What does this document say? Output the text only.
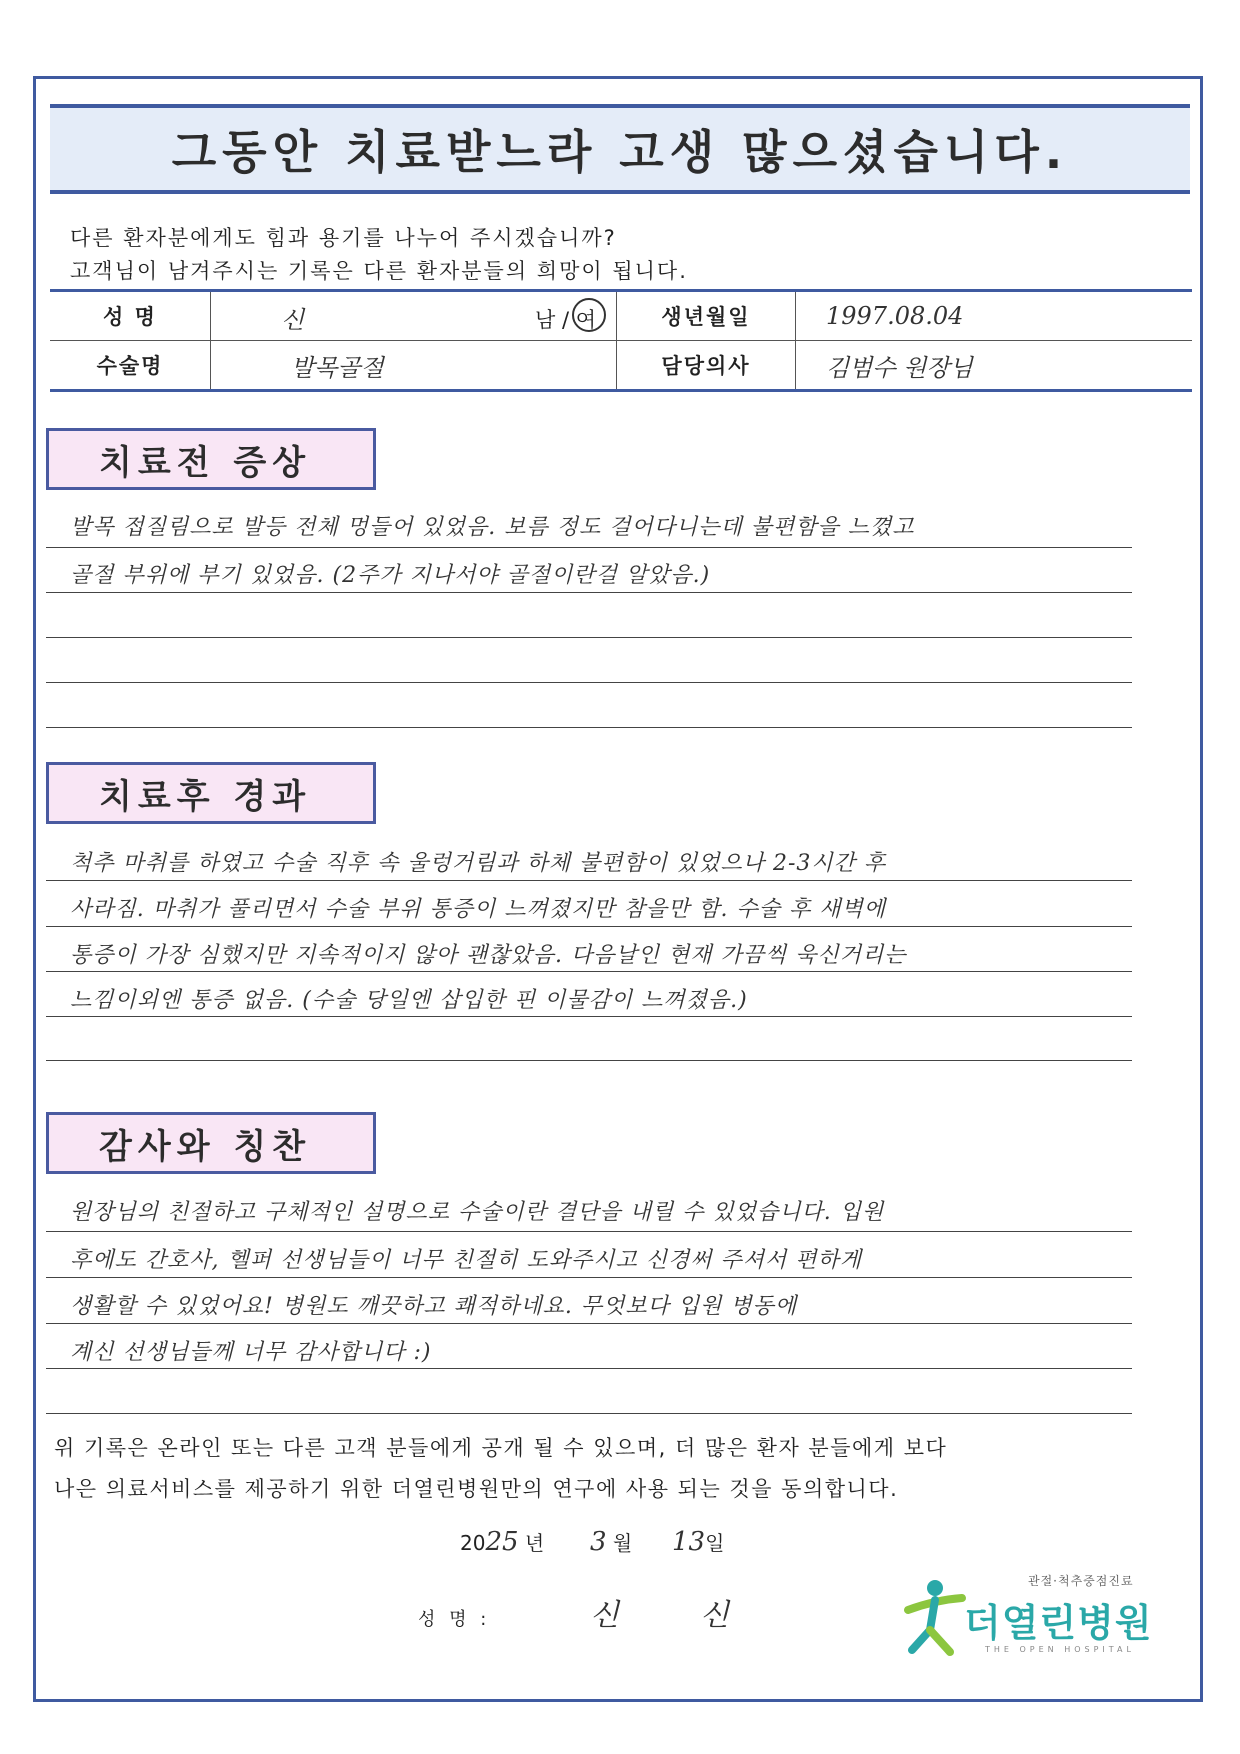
그동안 치료받느라 고생 많으셨습니다.
다른 환자분에게도 힘과 용기를 나누어 주시겠습니까?
고객님이 남겨주시는 기록은 다른 환자분들의 희망이 됩니다.
성 명	신 남 / 여	생년월일	1997.08.04
수술명	발목골절	담당의사	김범수 원장님
치료전 증상
발목 접질림으로 발등 전체 멍들어 있었음. 보름 정도 걸어다니는데 불편함을 느꼈고
골절 부위에 부기 있었음. (2주가 지나서야 골절이란걸 알았음.)
치료후 경과
척추 마취를 하였고 수술 직후 속 울렁거림과 하체 불편함이 있었으나 2-3시간 후
사라짐. 마취가 풀리면서 수술 부위 통증이 느껴졌지만 참을만 함. 수술 후 새벽에
통증이 가장 심했지만 지속적이지 않아 괜찮았음. 다음날인 현재 가끔씩 욱신거리는
느낌이외엔 통증 없음. (수술 당일엔 삽입한 핀 이물감이 느껴졌음.)
감사와 칭찬
원장님의 친절하고 구체적인 설명으로 수술이란 결단을 내릴 수 있었습니다. 입원
후에도 간호사, 헬퍼 선생님들이 너무 친절히 도와주시고 신경써 주셔서 편하게
생활할 수 있었어요! 병원도 깨끗하고 쾌적하네요. 무엇보다 입원 병동에
계신 선생님들께 너무 감사합니다 :)
위 기록은 온라인 또는 다른 고객 분들에게 공개 될 수 있으며, 더 많은 환자 분들에게 보다
나은 의료서비스를 제공하기 위한 더열린병원만의 연구에 사용 되는 것을 동의합니다.
2025 년 3 월 13일
성 명 :	신	신
관절·척추중점진료
더열린병원
THE OPEN HOSPITAL
